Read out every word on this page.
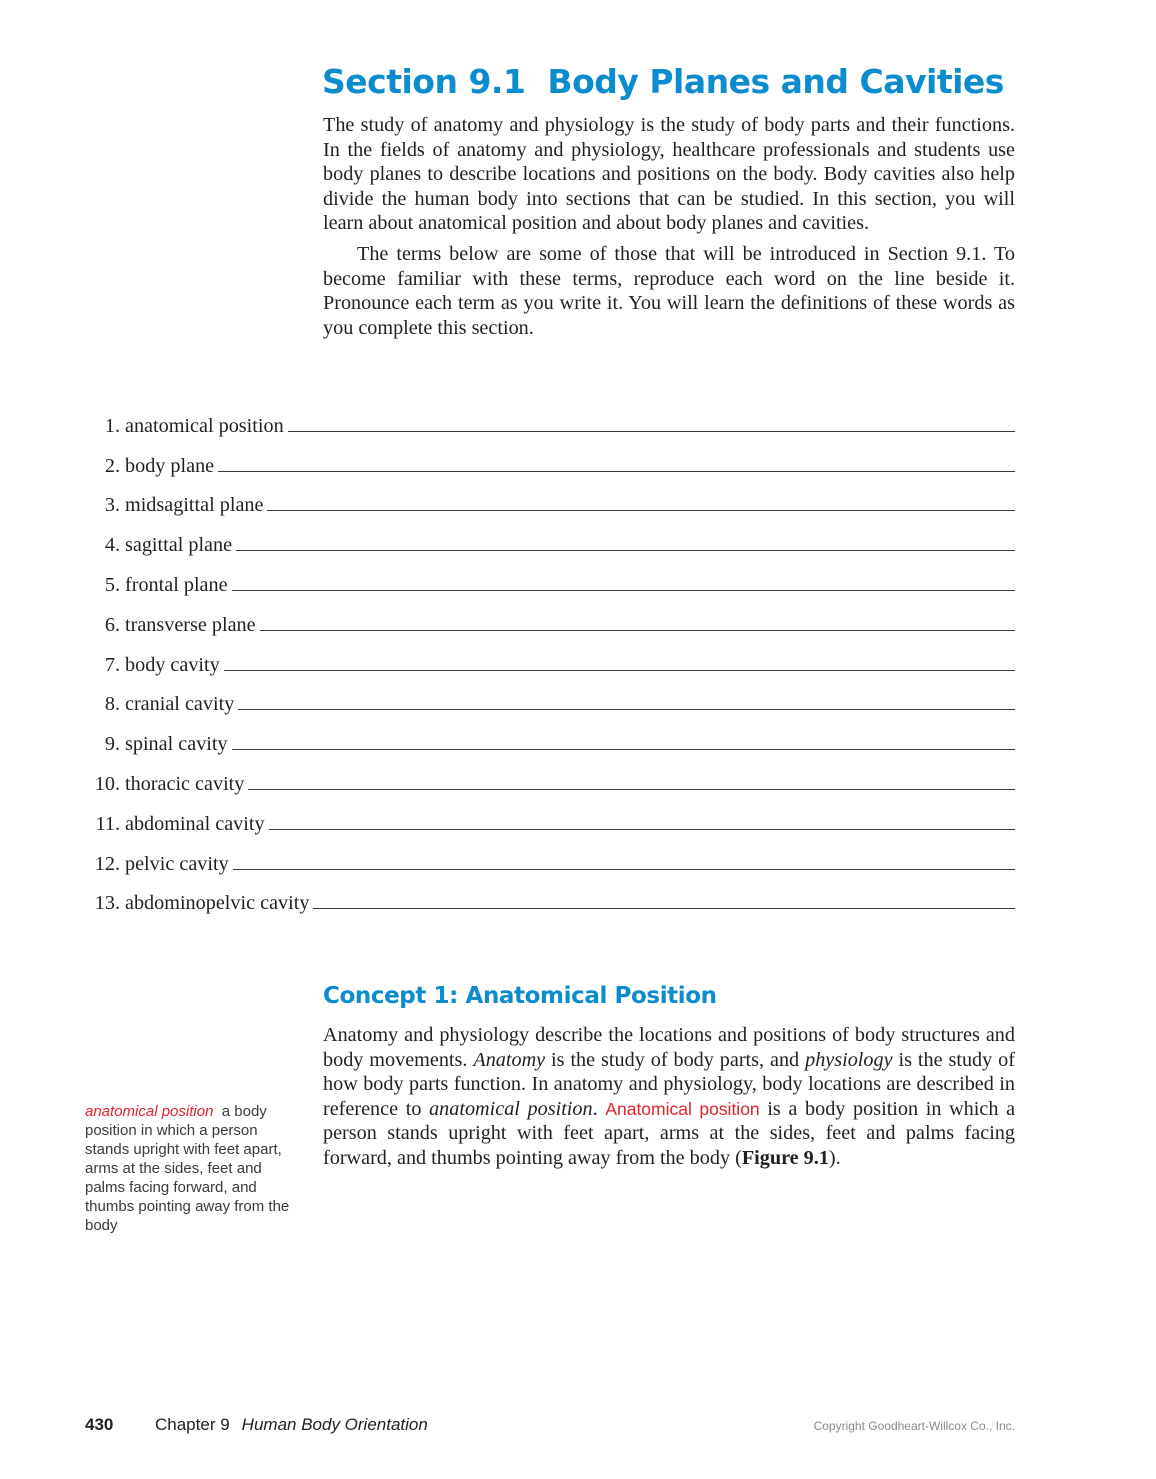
Section 9.1 Body Planes and Cavities

The study of anatomy and physiology is the study of body parts and their functions. In the fields of anatomy and physiology, healthcare professionals and students use body planes to describe locations and positions on the body. Body cavities also help divide the human body into sections that can be studied. In this section, you will learn about anatomical position and about body planes and cavities.

The terms below are some of those that will be introduced in Section 9.1. To become familiar with these terms, reproduce each word on the line beside it. Pronounce each term as you write it. You will learn the definitions of these words as you complete this section.

1. anatomical position
2. body plane
3. midsagittal plane
4. sagittal plane
5. frontal plane
6. transverse plane
7. body cavity
8. cranial cavity
9. spinal cavity
10. thoracic cavity
11. abdominal cavity
12. pelvic cavity
13. abdominopelvic cavity
Concept 1: Anatomical Position

Anatomy and physiology describe the locations and positions of body structures and body movements. Anatomy is the study of body parts, and physiology is the study of how body parts function. In anatomy and physiology, body locations are described in reference to anatomical position. Anatomical position is a body position in which a person stands upright with feet apart, arms at the sides, feet and palms facing forward, and thumbs pointing away from the body (Figure 9.1).

anatomical position a body position in which a person stands upright with feet apart, arms at the sides, feet and palms facing forward, and thumbs pointing away from the body
430 Chapter 9 Human Body Orientation	Copyright Goodheart-Willcox Co., Inc.
